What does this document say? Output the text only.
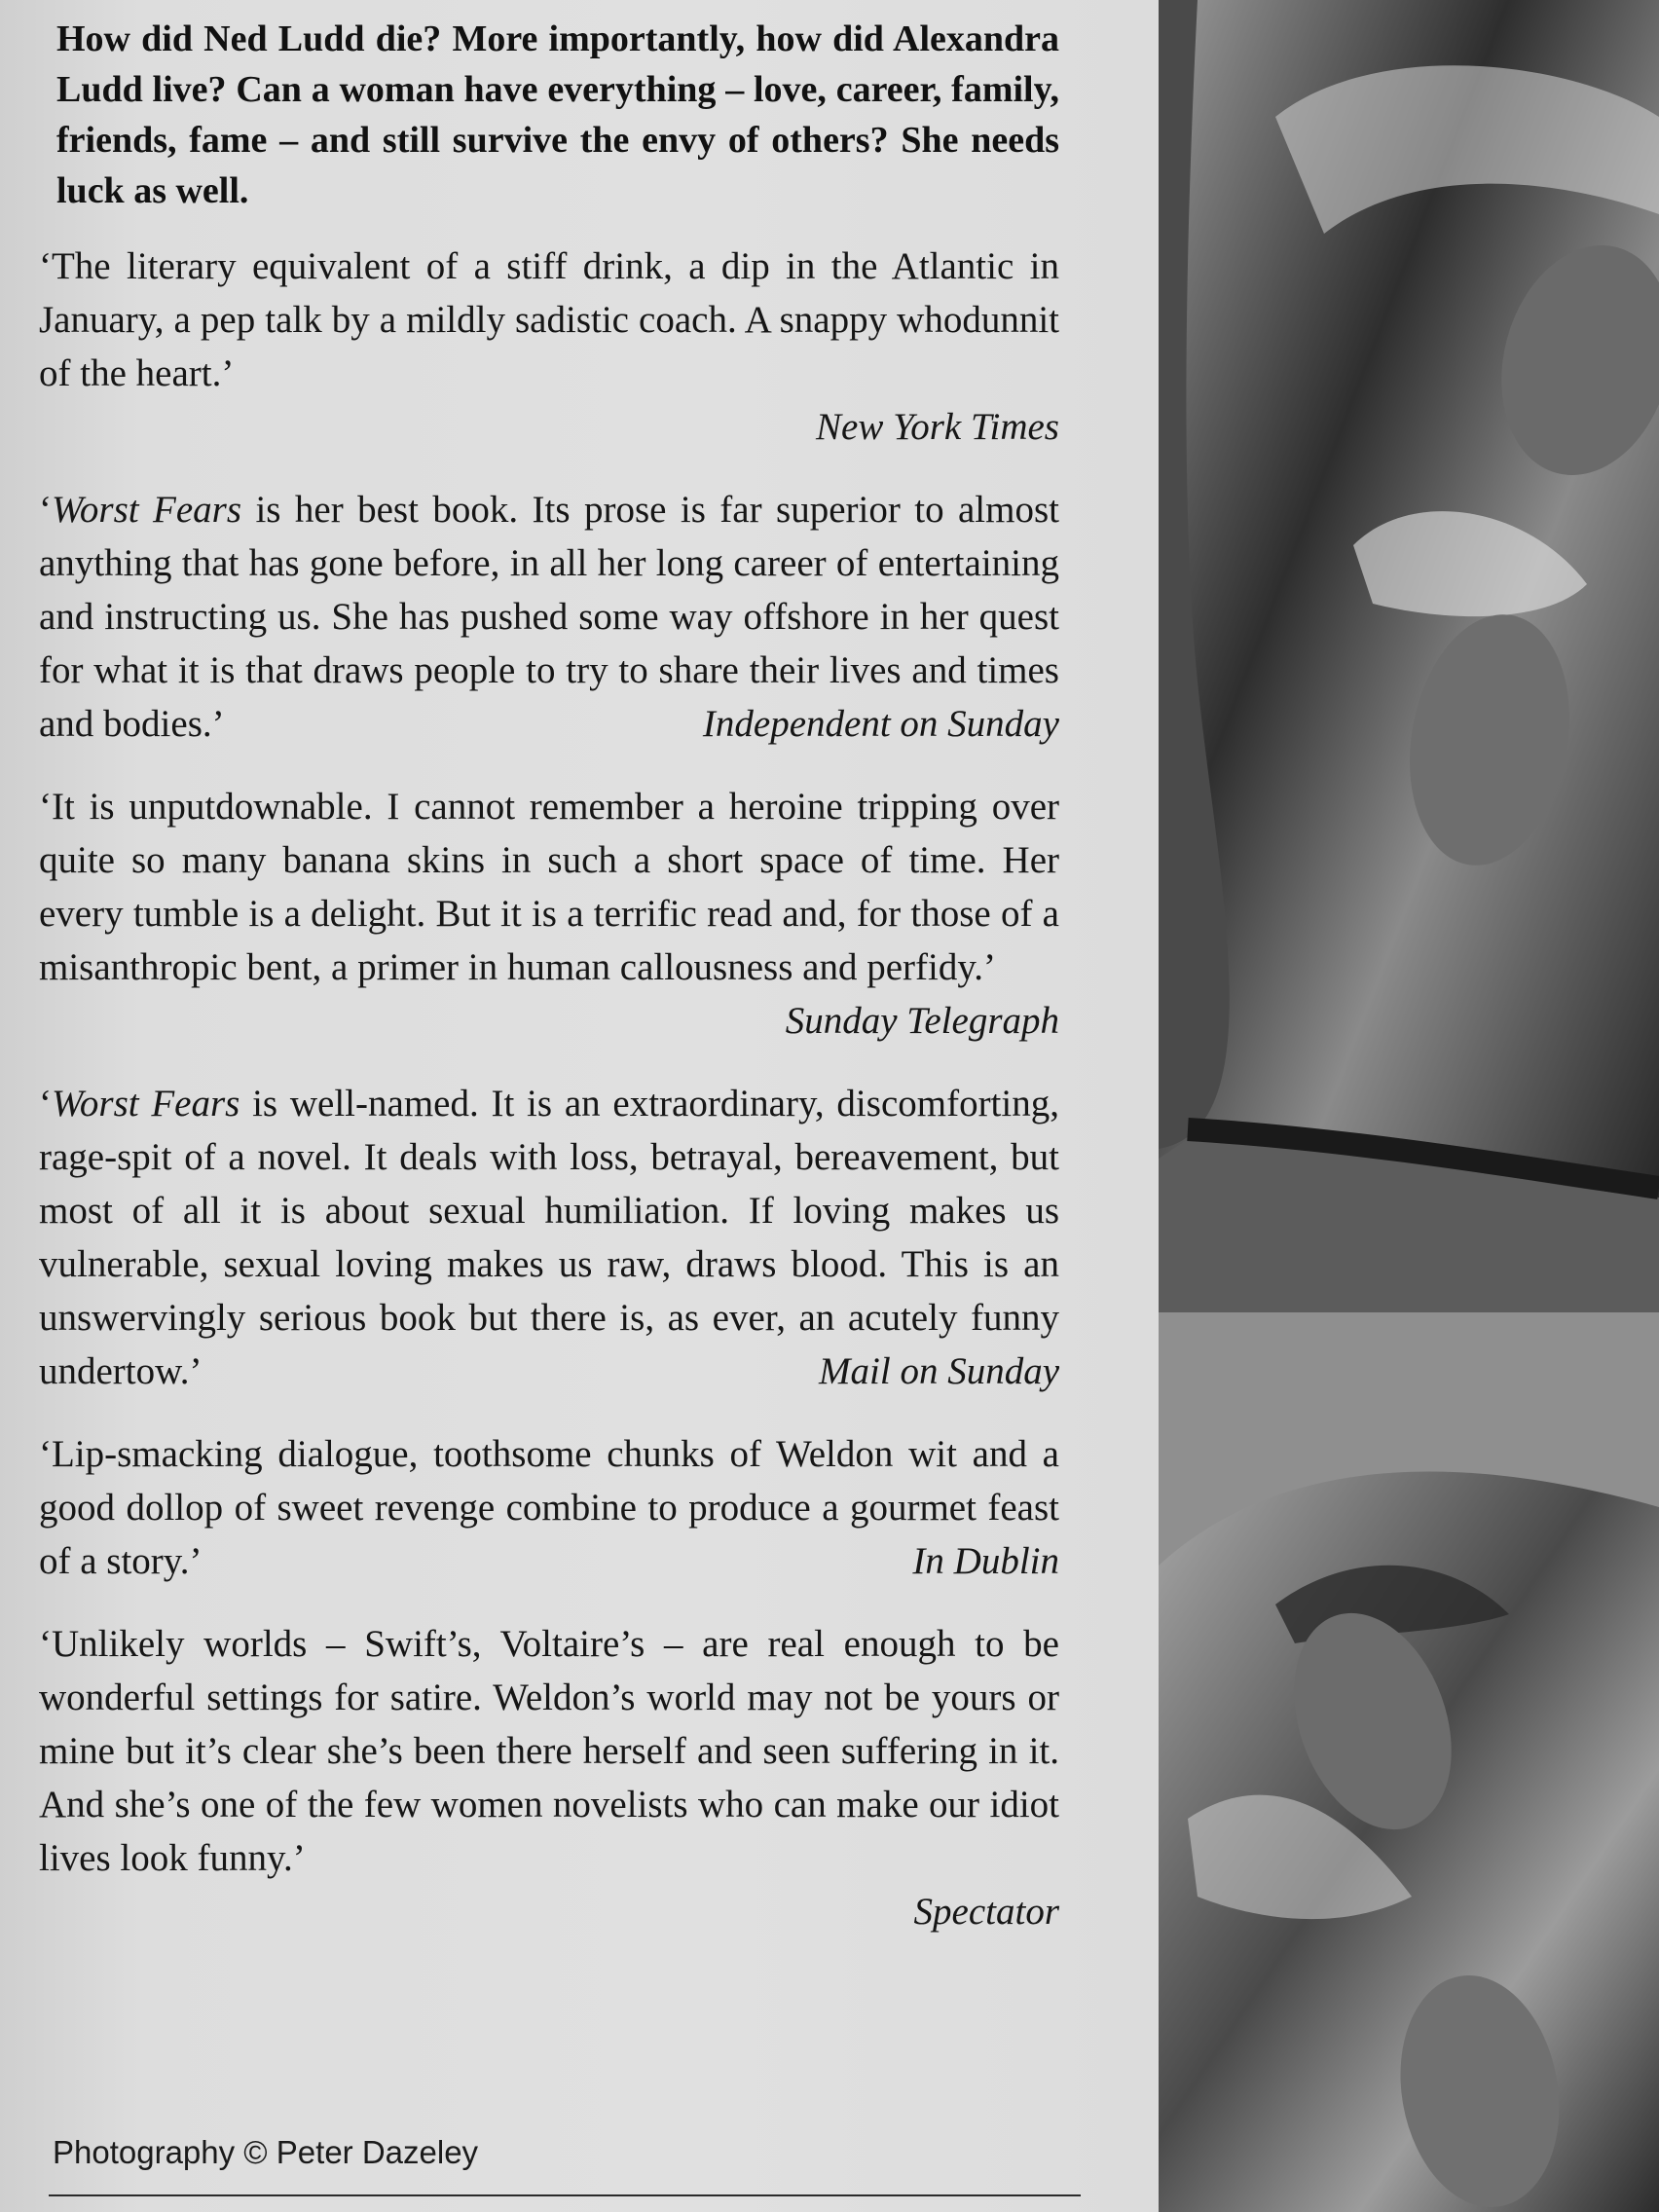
How did Ned Ludd die? More importantly, how did Alexandra Ludd live? Can a woman have everything – love, career, family, friends, fame – and still survive the envy of others? She needs luck as well.

‘The literary equivalent of a stiff drink, a dip in the Atlantic in January, a pep talk by a mildly sadistic coach. A snappy whodunnit of the heart.’
New York Times

‘Worst Fears is her best book. Its prose is far superior to almost anything that has gone before, in all her long career of entertaining and instructing us. She has pushed some way offshore in her quest for what it is that draws people to try to share their lives and times and bodies.’	Independent on Sunday

‘It is unputdownable. I cannot remember a heroine tripping over quite so many banana skins in such a short space of time. Her every tumble is a delight. But it is a terrific read and, for those of a misanthropic bent, a primer in human callousness and perfidy.’
Sunday Telegraph

‘Worst Fears is well-named. It is an extraordinary, discomforting, rage-spit of a novel. It deals with loss, betrayal, bereavement, but most of all it is about sexual humiliation. If loving makes us vulnerable, sexual loving makes us raw, draws blood. This is an unswervingly serious book but there is, as ever, an acutely funny undertow.’	Mail on Sunday

‘Lip-smacking dialogue, toothsome chunks of Weldon wit and a good dollop of sweet revenge combine to produce a gourmet feast of a story.’	In Dublin

‘Unlikely worlds – Swift’s, Voltaire’s – are real enough to be wonderful settings for satire. Weldon’s world may not be yours or mine but it’s clear she’s been there herself and seen suffering in it. And she’s one of the few women novelists who can make our idiot lives look funny.’
Spectator

Photography © Peter Dazeley
